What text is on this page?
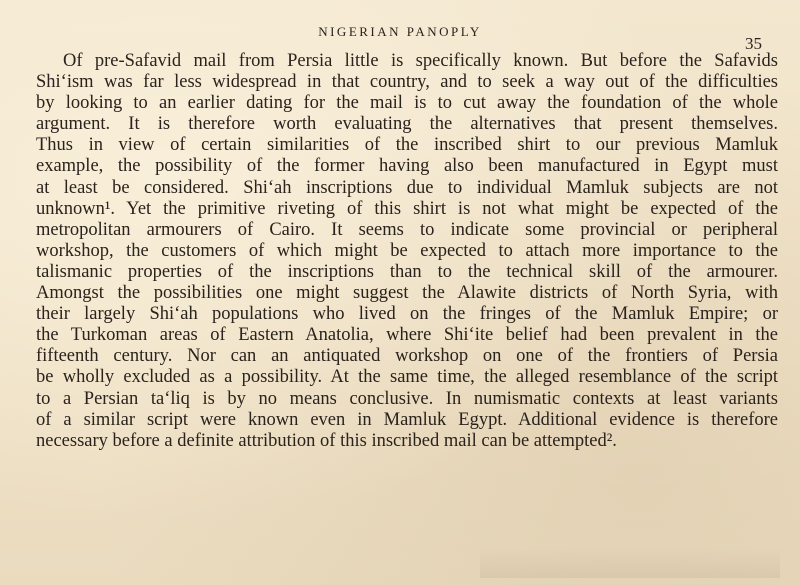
NIGERIAN PANOPLY
35
Of pre-Safavid mail from Persia little is specifically known. But before the Safavids
Shi‘ism was far less widespread in that country, and to seek a way out of the difficulties
by looking to an earlier dating for the mail is to cut away the foundation of the whole
argument. It is therefore worth evaluating the alternatives that present themselves.
Thus in view of certain similarities of the inscribed shirt to our previous Mamluk
example, the possibility of the former having also been manufactured in Egypt must
at least be considered. Shi‘ah inscriptions due to individual Mamluk subjects are not
unknown¹. Yet the primitive riveting of this shirt is not what might be expected of the
metropolitan armourers of Cairo. It seems to indicate some provincial or peripheral
workshop, the customers of which might be expected to attach more importance to the
talismanic properties of the inscriptions than to the technical skill of the armourer.
Amongst the possibilities one might suggest the Alawite districts of North Syria, with
their largely Shi‘ah populations who lived on the fringes of the Mamluk Empire; or
the Turkoman areas of Eastern Anatolia, where Shi‘ite belief had been prevalent in the
fifteenth century. Nor can an antiquated workshop on one of the frontiers of Persia
be wholly excluded as a possibility. At the same time, the alleged resemblance of the script
to a Persian ta‘liq is by no means conclusive. In numismatic contexts at least variants
of a similar script were known even in Mamluk Egypt. Additional evidence is therefore
necessary before a definite attribution of this inscribed mail can be attempted².
